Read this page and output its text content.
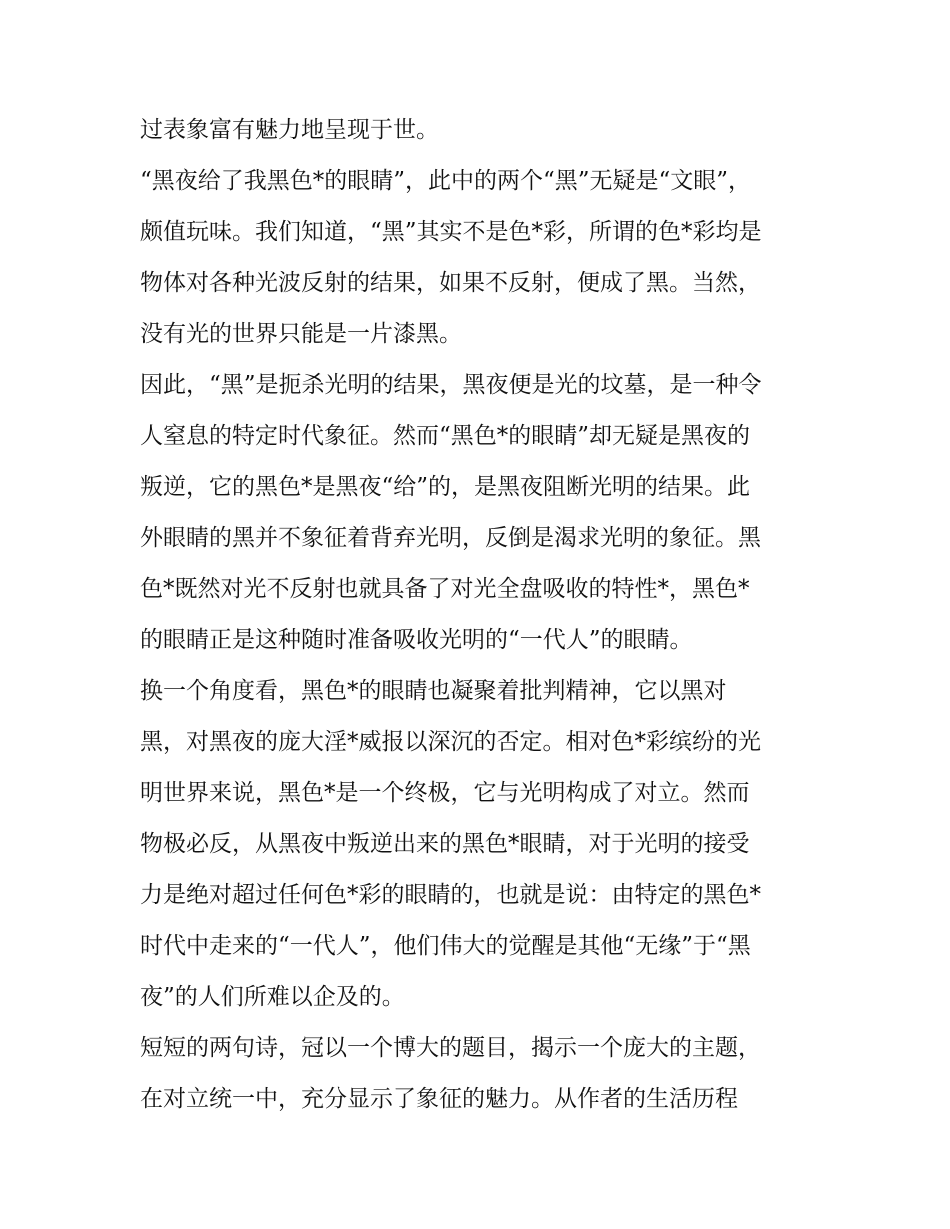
过表象富有魅力地呈现于世。
“黑夜给了我黑色*的眼睛”，此中的两个“黑”无疑是“文眼”，
颇值玩味。我们知道，“黑”其实不是色*彩，所谓的色*彩均是
物体对各种光波反射的结果，如果不反射，便成了黑。当然，
没有光的世界只能是一片漆黑。
因此，“黑”是扼杀光明的结果，黑夜便是光的坟墓，是一种令
人窒息的特定时代象征。然而“黑色*的眼睛”却无疑是黑夜的
叛逆，它的黑色*是黑夜“给”的，是黑夜阻断光明的结果。此
外眼睛的黑并不象征着背弃光明，反倒是渴求光明的象征。黑
色*既然对光不反射也就具备了对光全盘吸收的特性*，黑色*
的眼睛正是这种随时准备吸收光明的“一代人”的眼睛。
换一个角度看，黑色*的眼睛也凝聚着批判精神，它以黑对
黑，对黑夜的庞大淫*威报以深沉的否定。相对色*彩缤纷的光
明世界来说，黑色*是一个终极，它与光明构成了对立。然而
物极必反，从黑夜中叛逆出来的黑色*眼睛，对于光明的接受
力是绝对超过任何色*彩的眼睛的，也就是说：由特定的黑色*
时代中走来的“一代人”，他们伟大的觉醒是其他“无缘”于“黑
夜”的人们所难以企及的。
短短的两句诗，冠以一个博大的题目，揭示一个庞大的主题，
在对立统一中，充分显示了象征的魅力。从作者的生活历程
